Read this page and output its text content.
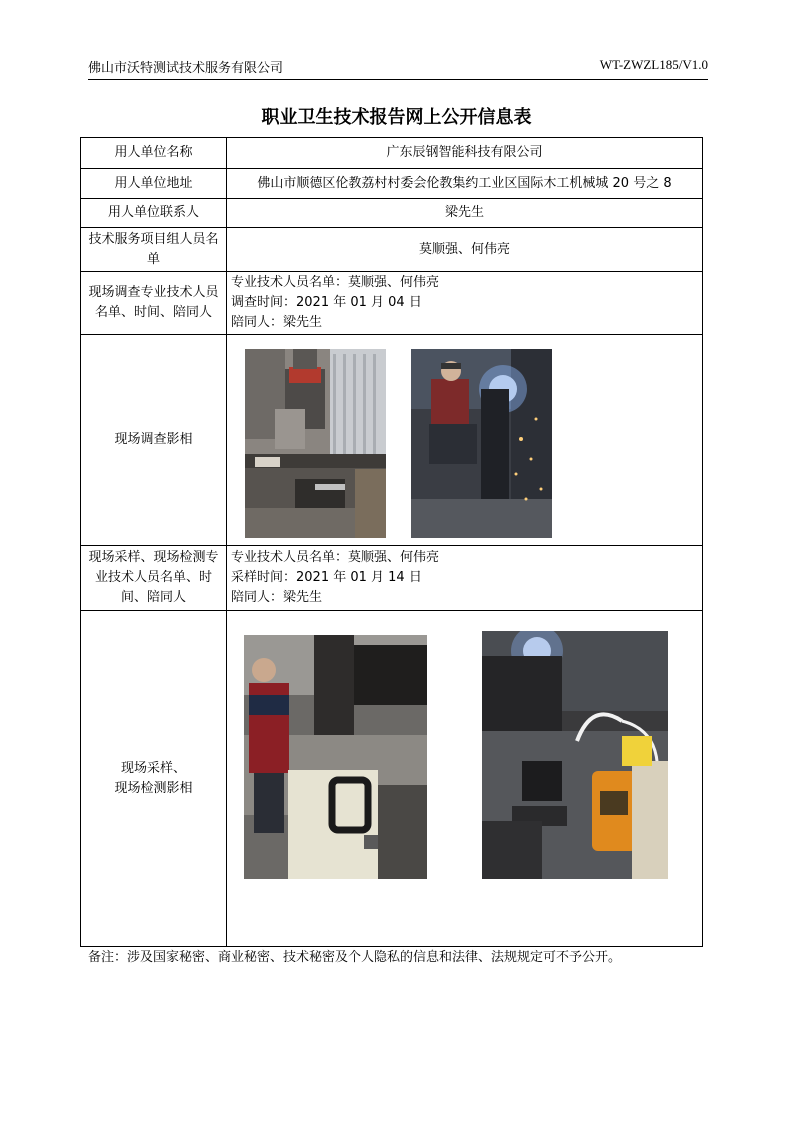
佛山市沃特测试技术服务有限公司	WT-ZWZL185/V1.0
职业卫生技术报告网上公开信息表
用人单位名称	广东辰钢智能科技有限公司
用人单位地址	佛山市顺德区伦教荔村村委会伦教集约工业区国际木工机械城 20 号之 8
用人单位联系人	梁先生
技术服务项目组人员名单	莫顺强、何伟亮
现场调查专业技术人员名单、时间、陪同人	专业技术人员名单：莫顺强、何伟亮
调查时间：2021 年 01 月 04 日
陪同人：梁先生

现场调查影相	

现场采样、现场检测专业技术人员名单、时间、陪同人	专业技术人员名单：莫顺强、何伟亮
采样时间：2021 年 01 月 14 日
陪同人：梁先生

现场采样、
现场检测影相

备注：涉及国家秘密、商业秘密、技术秘密及个人隐私的信息和法律、法规规定可不予公开。
